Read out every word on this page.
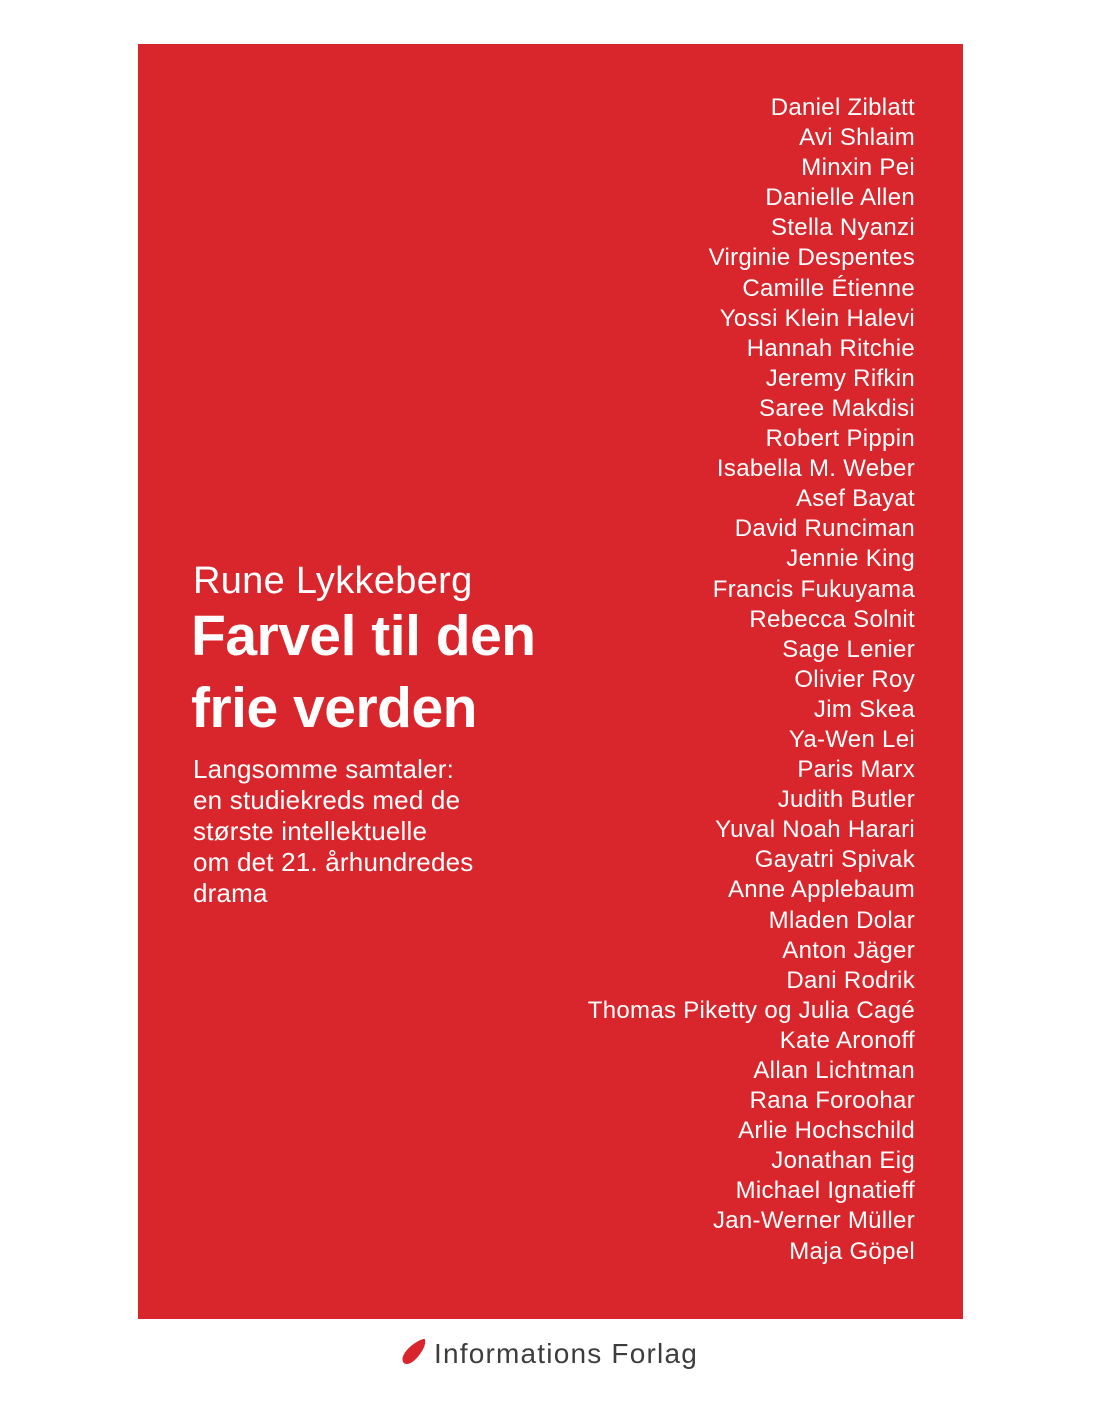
Daniel Ziblatt
Avi Shlaim
Minxin Pei
Danielle Allen
Stella Nyanzi
Virginie Despentes
Camille Étienne
Yossi Klein Halevi
Hannah Ritchie
Jeremy Rifkin
Saree Makdisi
Robert Pippin
Isabella M. Weber
Asef Bayat
David Runciman
Jennie King
Francis Fukuyama
Rebecca Solnit
Sage Lenier
Olivier Roy
Jim Skea
Ya-Wen Lei
Paris Marx
Judith Butler
Yuval Noah Harari
Gayatri Spivak
Anne Applebaum
Mladen Dolar
Anton Jäger
Dani Rodrik
Thomas Piketty og Julia Cagé
Kate Aronoff
Allan Lichtman
Rana Foroohar
Arlie Hochschild
Jonathan Eig
Michael Ignatieff
Jan-Werner Müller
Maja Göpel
Rune Lykkeberg
Farvel til den
frie verden
Langsomme samtaler:
en studiekreds med de
største intellektuelle
om det 21. århundredes
drama
Informations Forlag
